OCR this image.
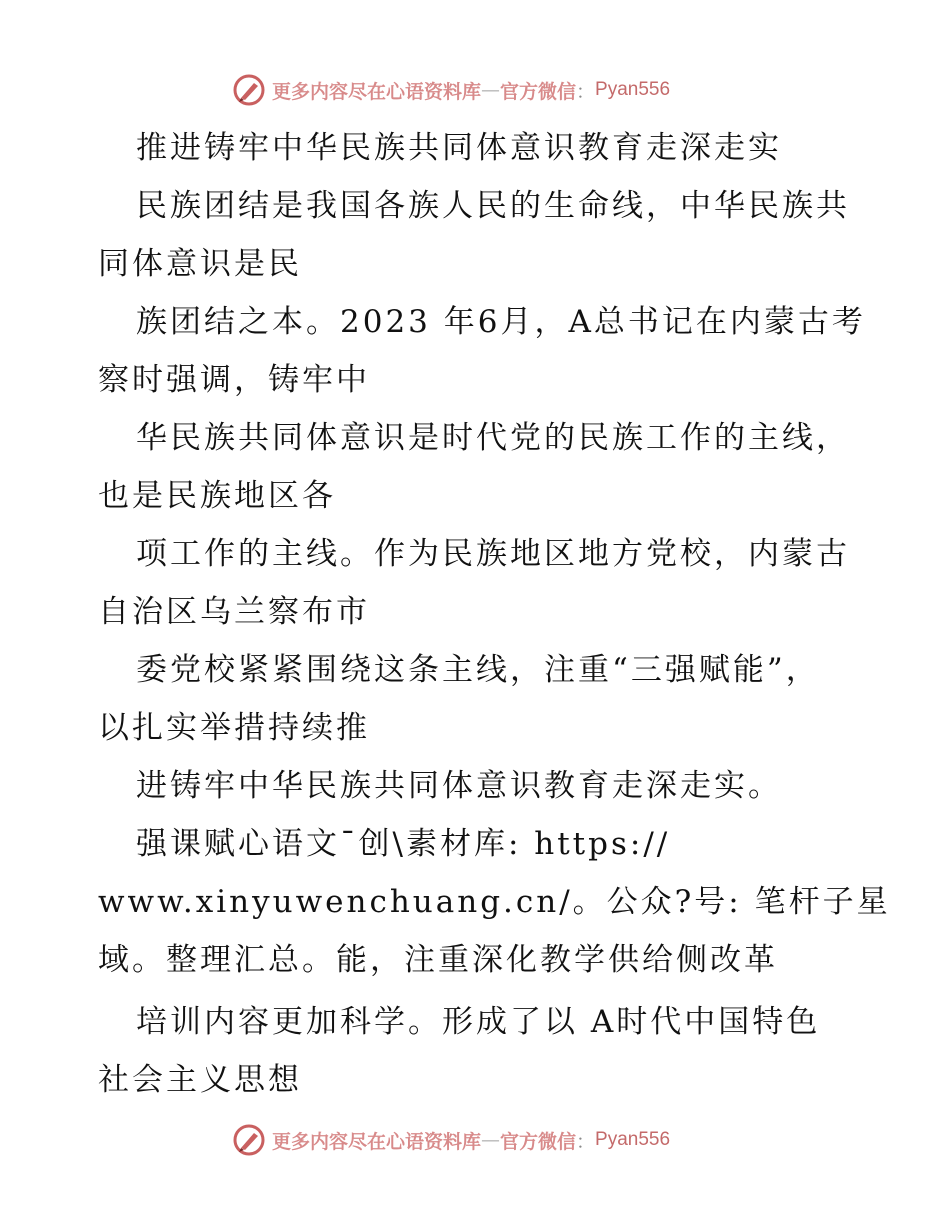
更多内容尽在心语资料库 — 官方微信 ： Pyan556
推进铸牢中华民族共同体意识教育走深走实
民族团结是我国各族人民的生命线，中华民族共
同体意识是民
族团结之本。2023 年6月，A总书记在内蒙古考
察时强调，铸牢中
华民族共同体意识是时代党的民族工作的主线，
也是民族地区各
项工作的主线。作为民族地区地方党校，内蒙古
自治区乌兰察布市
委党校紧紧围绕这条主线，注重“三强赋能”，
以扎实举措持续推
进铸牢中华民族共同体意识教育走深走实。
强课赋心语文¯创\素材库: https://
www.xinyuwenchuang.cn/。公众?号: 笔杆子星
域。整理汇总。能，注重深化教学供给侧改革
培训内容更加科学。形成了以 A时代中国特色
社会主义思想
更多内容尽在心语资料库 — 官方微信 ： Pyan556
